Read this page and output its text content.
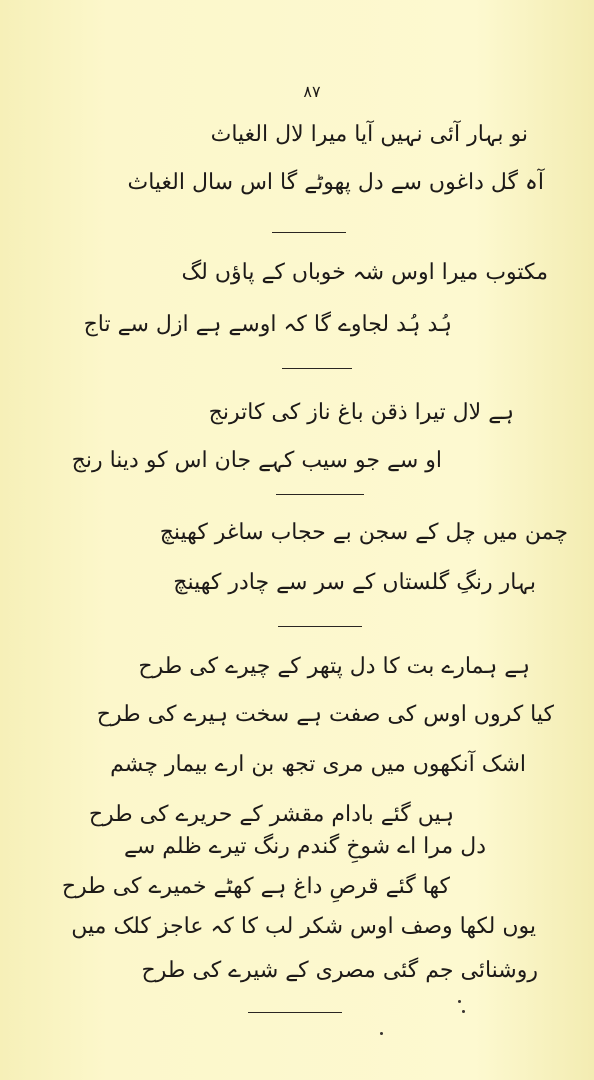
۸۷
نو بہار آئی نہیں آیا میرا لال الغیاث
آہ گل داغوں سے دل پھوٹے گا اس سال الغیاث
مکتوب میرا اوس شہ خوباں کے پاؤں لگ
ہُد ہُد لجاوے گا کہ اوسے ہے ازل سے تاج
ہے لال تیرا ذقن باغ ناز کی کاترنج
او سے جو سیب کہے جان اس کو دینا رنج
چمن میں چل کے سجن بے حجاب ساغر کھینچ
بہار رنگِ گلستاں کے سر سے چادر کھینچ
ہے ہمارے بت کا دل پتھر کے چیرے کی طرح
کیا کروں اوس کی صفت ہے سخت ہیرے کی طرح
اشک آنکھوں میں مری تجھ بن ارے بیمار چشم
ہیں گئے بادام مقشر کے حریرے کی طرح
دل مرا اے شوخِ گندم رنگ تیرے ظلم سے
کھا گئے قرصِ داغ ہے کھٹے خمیرے کی طرح
یوں لکھا وصف اوس شکر لب کا کہ عاجز کلک میں
روشنائی جم گئی مصری کے شیرے کی طرح
